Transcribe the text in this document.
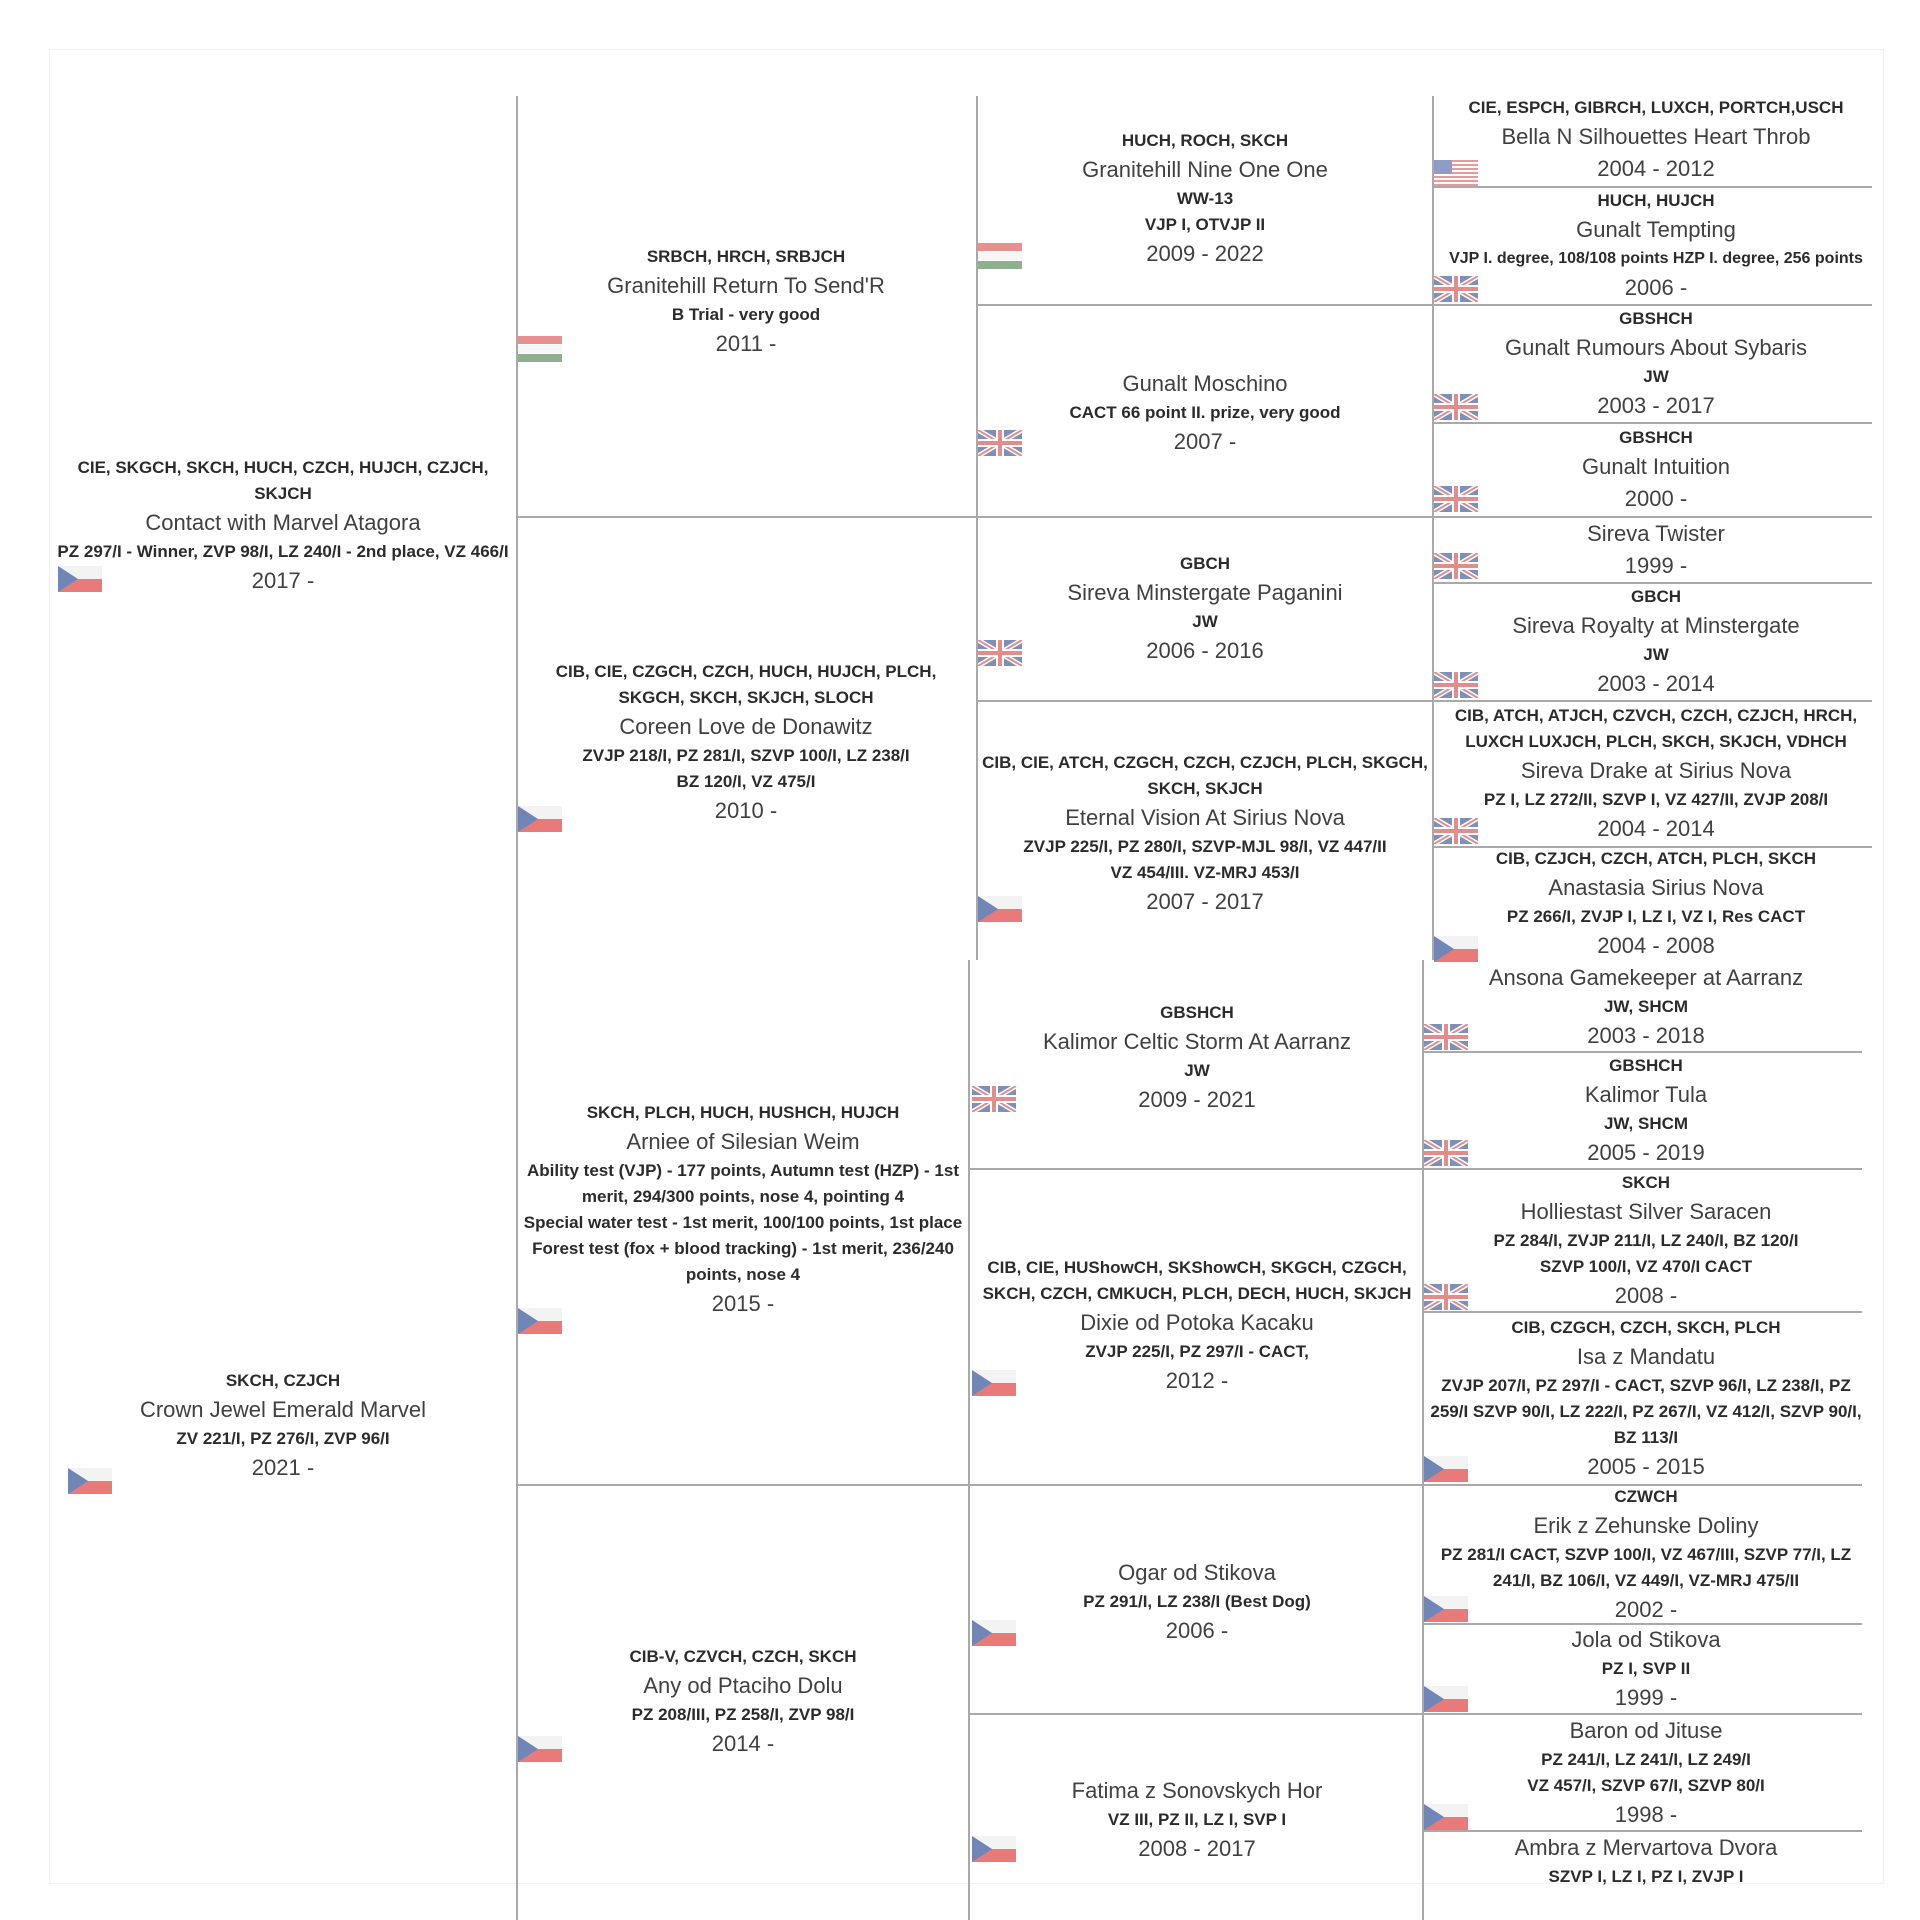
CIE, SKGCH, SKCH, HUCH, CZCH, HUJCH, CZJCH, SKJCH
Contact with Marvel Atagora
PZ 297/I - Winner, ZVP 98/I, LZ 240/I - 2nd place, VZ 466/I
2017 -
SKCH, CZJCH
Crown Jewel Emerald Marvel
ZV 221/I, PZ 276/I, ZVP 96/I
2021 -
SRBCH, HRCH, SRBJCH
Granitehill Return To Send'R
B Trial - very good
2011 -
CIB, CIE, CZGCH, CZCH, HUCH, HUJCH, PLCH, SKGCH, SKCH, SKJCH, SLOCH
Coreen Love de Donawitz
ZVJP 218/I, PZ 281/I, SZVP 100/I, LZ 238/I
BZ 120/I, VZ 475/I
2010 -
SKCH, PLCH, HUCH, HUSHCH, HUJCH
Arniee of Silesian Weim
Ability test (VJP) - 177 points, Autumn test (HZP) - 1st merit, 294/300 points, nose 4, pointing 4
Special water test - 1st merit, 100/100 points, 1st place Forest test (fox + blood tracking) - 1st merit, 236/240 points, nose 4
2015 -
CIB-V, CZVCH, CZCH, SKCH
Any od Ptaciho Dolu
PZ 208/III, PZ 258/I, ZVP 98/I
2014 -
HUCH, ROCH, SKCH
Granitehill Nine One One
WW-13
VJP I, OTVJP II
2009 - 2022
Gunalt Moschino
CACT 66 point II. prize, very good
2007 -
GBCH
Sireva Minstergate Paganini
JW
2006 - 2016
CIB, CIE, ATCH, CZGCH, CZCH, CZJCH, PLCH, SKGCH, SKCH, SKJCH
Eternal Vision At Sirius Nova
ZVJP 225/I, PZ 280/I, SZVP-MJL 98/I, VZ 447/II
VZ 454/III. VZ-MRJ 453/I
2007 - 2017
GBSHCH
Kalimor Celtic Storm At Aarranz
JW
2009 - 2021
CIB, CIE, HUShowCH, SKShowCH, SKGCH, CZGCH, SKCH, CZCH, CMKUCH, PLCH, DECH, HUCH, SKJCH
Dixie od Potoka Kacaku
ZVJP 225/I, PZ 297/I - CACT,
2012 -
Ogar od Stikova
PZ 291/I, LZ 238/I (Best Dog)
2006 -
Fatima z Sonovskych Hor
VZ III, PZ II, LZ I, SVP I
2008 - 2017
CIE, ESPCH, GIBRCH, LUXCH, PORTCH,USCH
Bella N Silhouettes Heart Throb
2004 - 2012
HUCH, HUJCH
Gunalt Tempting
VJP I. degree, 108/108 points HZP I. degree, 256 points
2006 -
GBSHCH
Gunalt Rumours About Sybaris
JW
2003 - 2017
GBSHCH
Gunalt Intuition
2000 -
Sireva Twister
1999 -
GBCH
Sireva Royalty at Minstergate
JW
2003 - 2014
CIB, ATCH, ATJCH, CZVCH, CZCH, CZJCH, HRCH, LUXCH LUXJCH, PLCH, SKCH, SKJCH, VDHCH
Sireva Drake at Sirius Nova
PZ I, LZ 272/II, SZVP I, VZ 427/II, ZVJP 208/I
2004 - 2014
CIB, CZJCH, CZCH, ATCH, PLCH, SKCH
Anastasia Sirius Nova
PZ 266/I, ZVJP I, LZ I, VZ I, Res CACT
2004 - 2008
Ansona Gamekeeper at Aarranz
JW, SHCM
2003 - 2018
GBSHCH
Kalimor Tula
JW, SHCM
2005 - 2019
SKCH
Holliestast Silver Saracen
PZ 284/I, ZVJP 211/I, LZ 240/I, BZ 120/I
SZVP 100/I, VZ 470/I CACT
2008 -
CIB, CZGCH, CZCH, SKCH, PLCH
Isa z Mandatu
ZVJP 207/I, PZ 297/I - CACT, SZVP 96/I, LZ 238/I, PZ 259/I SZVP 90/I, LZ 222/I, PZ 267/I, VZ 412/I, SZVP 90/I, BZ 113/I
2005 - 2015
CZWCH
Erik z Zehunske Doliny
PZ 281/I CACT, SZVP 100/I, VZ 467/III, SZVP 77/I, LZ 241/I, BZ 106/I, VZ 449/I, VZ-MRJ 475/II
2002 -
Jola od Stikova
PZ I, SVP II
1999 -
Baron od Jituse
PZ 241/I, LZ 241/I, LZ 249/I
VZ 457/I, SZVP 67/I, SZVP 80/I
1998 -
Ambra z Mervartova Dvora
SZVP I, LZ I, PZ I, ZVJP I
